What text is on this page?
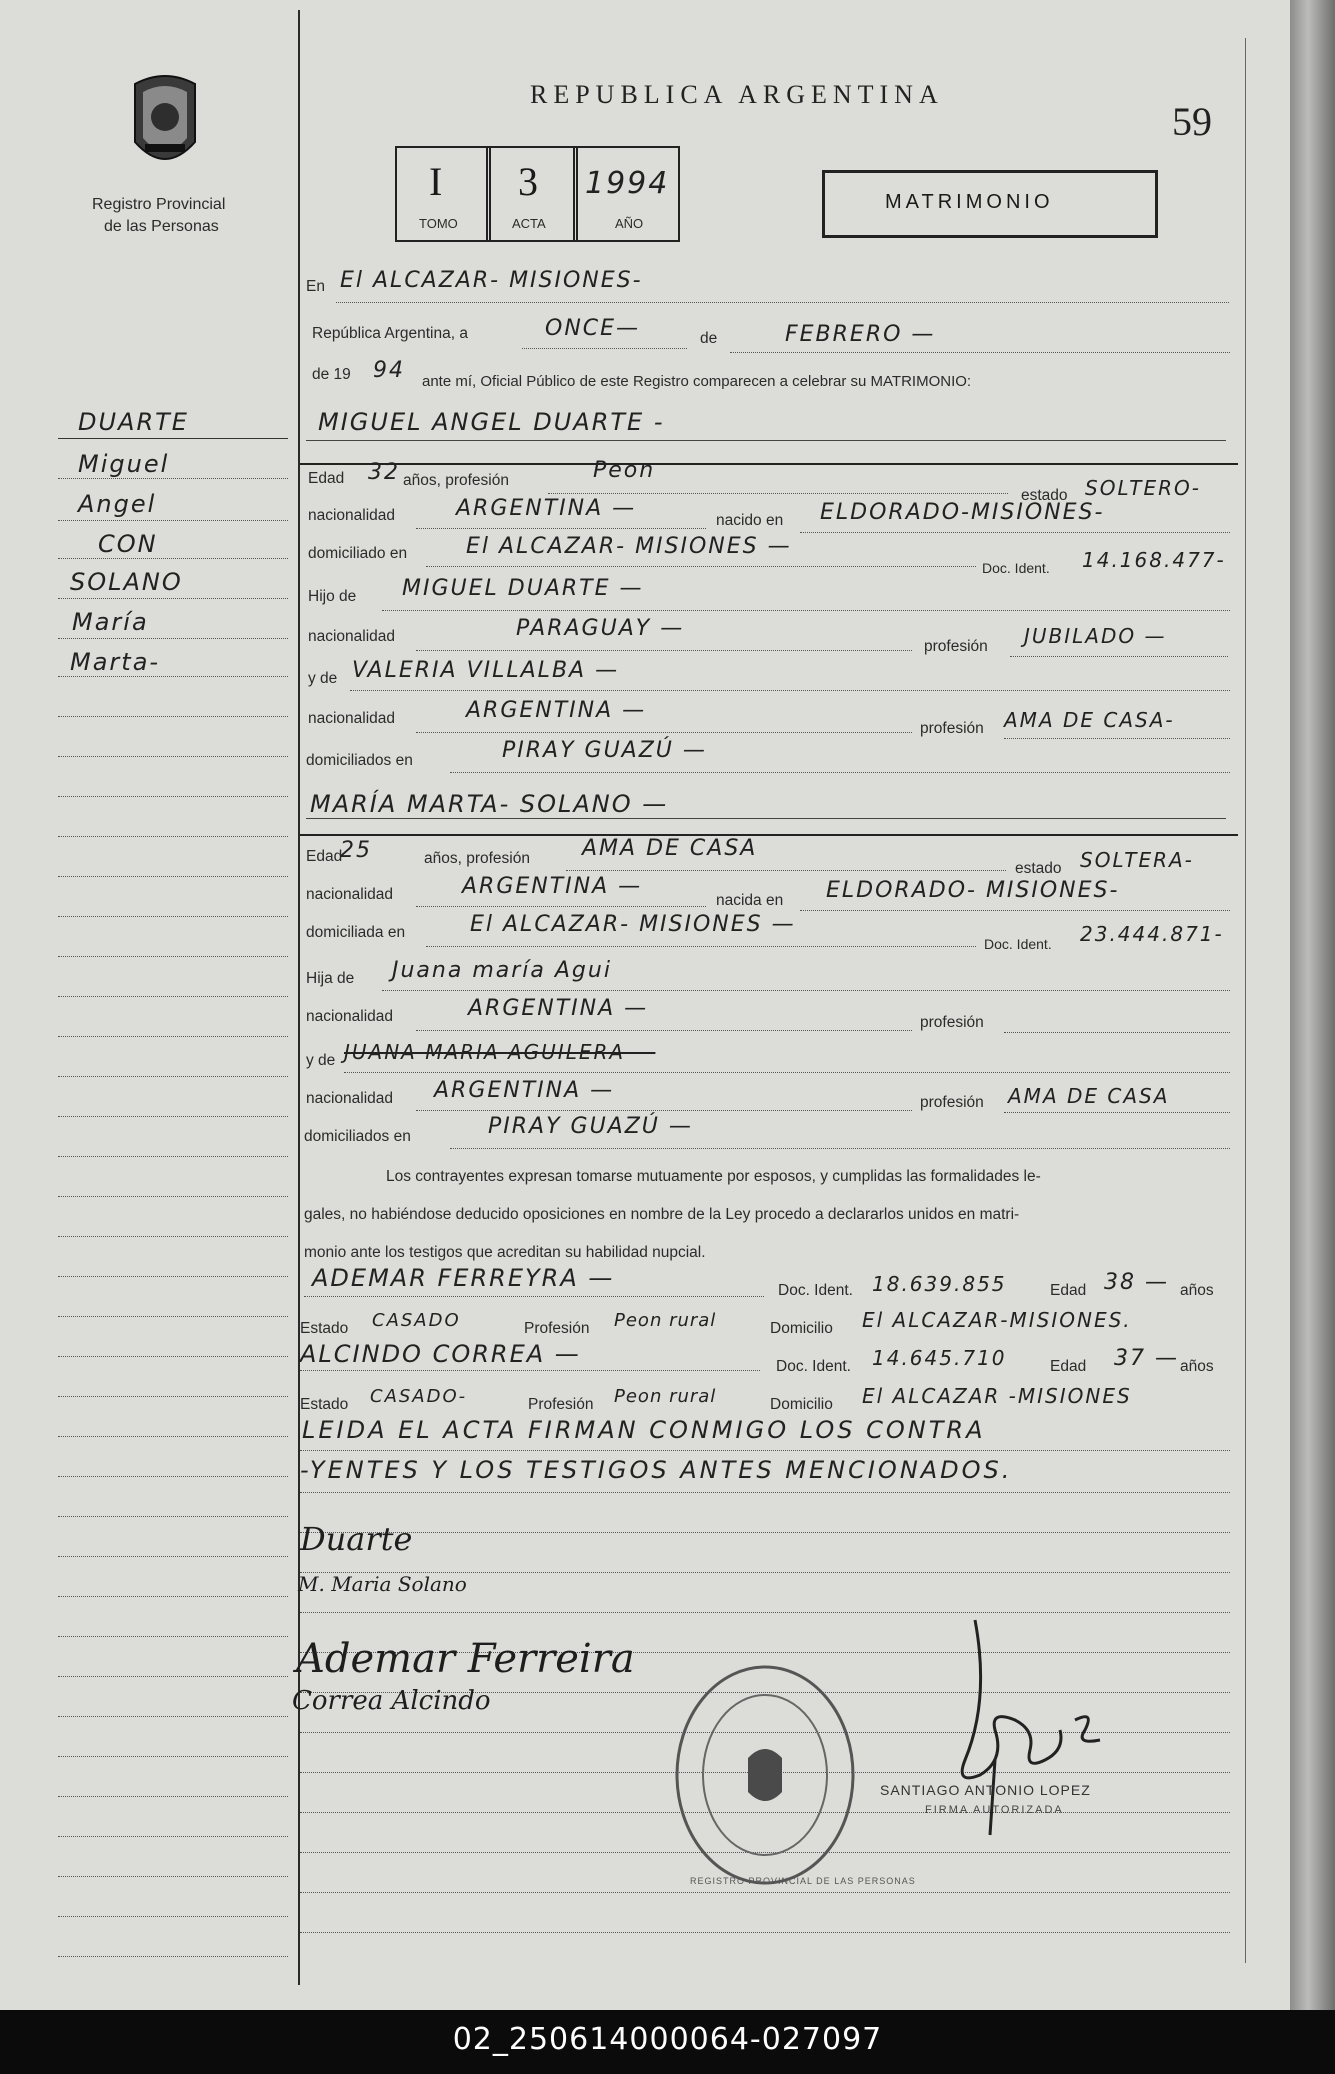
Registro Provincial
de las Personas
REPUBLICA ARGENTINA
59
I
TOMO
3
ACTA
1994
AÑO
MATRIMONIO
DUARTE
Miguel
Angel
CON
SOLANO
María
Marta-
En El ALCAZAR- MISIONES-
República Argentina, a	ONCE—	de	FEBRERO —
de 19 94 ante mí, Oficial Público de este Registro comparecen a celebrar su MATRIMONIO:
MIGUEL ANGEL DUARTE -
Edad 32 años, profesión	Peon
estado SOLTERO-
nacionalidad	ARGENTINA —	nacido en ELDORADO-MISIONES-
domiciliado en	El ALCAZAR- MISIONES —
Doc. Ident. 14.168.477-
Hijo de MIGUEL DUARTE —
nacionalidad	PARAGUAY —
profesión JUBILADO —
y de VALERIA VILLALBA —
nacionalidad	ARGENTINA —
profesión AMA DE CASA-
domiciliados en	PIRAY GUAZÚ —
MARÍA MARTA- SOLANO —
Edad
25	años, profesión AMA DE CASA
estado SOLTERA-
nacionalidad	ARGENTINA —
nacida en ELDORADO- MISIONES-
domiciliada en	El ALCAZAR- MISIONES —
Doc. Ident. 23.444.871-
Hija de Juana maría Agui
nacionalidad	ARGENTINA —
profesión
y de JUANA MARIA AGUILERA —
nacionalidad ARGENTINA —	profesión AMA DE CASA
domiciliados en	PIRAY GUAZÚ —
Los contrayentes expresan tomarse mutuamente por esposos, y cumplidas las formalidades le-
gales, no habiéndose deducido oposiciones en nombre de la Ley procedo a declararlos unidos en matri-
monio ante los testigos que acreditan su habilidad nupcial.
ADEMAR FERREYRA —	Doc. Ident. 18.639.855	Edad 38 — años
Estado CASADO	Profesión Peon rural	Domicilio El ALCAZAR-MISIONES.
ALCINDO CORREA —	Doc. Ident. 14.645.710	Edad 37 — años
Estado CASADO-	Profesión Peon rural	Domicilio El ALCAZAR -MISIONES
LEIDA EL ACTA FIRMAN CONMIGO LOS CONTRA
-YENTES Y LOS TESTIGOS ANTES MENCIONADOS.
Duarte
M. Maria Solano
Ademar Ferreira
Correa Alcindo
REGISTRO PROVINCIAL DE LAS PERSONAS
SANTIAGO ANTONIO LOPEZ
FIRMA AUTORIZADA
02_250614000064-027097
